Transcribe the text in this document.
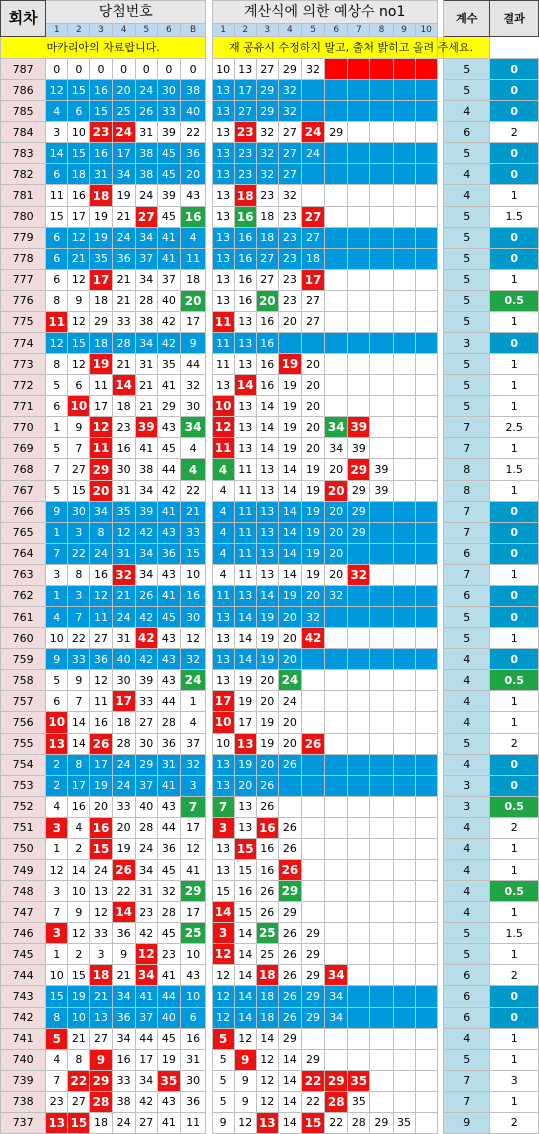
회차	당첨번호								계산식에 의한 예상수 no1											계수	결과
	1	2	3	4	5	6	B		1	2	3	4	5	6	7	8	9	10			
마카리아의 자료랍니다.									재 공유시 수정하지 말고, 출처 밝히고 올려 주세요.												
787	0	0	0	0	0	0	0		10	13	27	29	32							5	0
786	12	15	16	20	24	30	38		13	17	29	32								5	0
785	4	6	15	25	26	33	40		13	27	29	32								4	0
784	3	10	23	24	31	39	22		13	23	32	27	24	29						6	2
783	14	15	16	17	38	45	36		13	23	32	27	24							5	0
782	6	18	31	34	38	45	20		13	23	32	27								4	0
781	11	16	18	19	24	39	43		13	18	23	32								4	1
780	15	17	19	21	27	45	16		13	16	18	23	27							5	1.5
779	6	12	19	24	34	41	4		13	16	18	23	27							5	0
778	6	21	35	36	37	41	11		13	16	27	23	18							5	0
777	6	12	17	21	34	37	18		13	16	27	23	17							5	1
776	8	9	18	21	28	40	20		13	16	20	23	27							5	0.5
775	11	12	29	33	38	42	17		11	13	16	20	27							5	1
774	12	15	18	28	34	42	9		11	13	16									3	0
773	8	12	19	21	31	35	44		11	13	16	19	20							5	1
772	5	6	11	14	21	41	32		13	14	16	19	20							5	1
771	6	10	17	18	21	29	30		10	13	14	19	20							5	1
770	1	9	12	23	39	43	34		12	13	14	19	20	34	39					7	2.5
769	5	7	11	16	41	45	4		11	13	14	19	20	34	39					7	1
768	7	27	29	30	38	44	4		4	11	13	14	19	20	29	39				8	1.5
767	5	15	20	31	34	42	22		4	11	13	14	19	20	29	39				8	1
766	9	30	34	35	39	41	21		4	11	13	14	19	20	29					7	0
765	1	3	8	12	42	43	33		4	11	13	14	19	20	29					7	0
764	7	22	24	31	34	36	15		4	11	13	14	19	20						6	0
763	3	8	16	32	34	43	10		4	11	13	14	19	20	32					7	1
762	1	3	12	21	26	41	16		11	13	14	19	20	32						6	0
761	4	7	11	24	42	45	30		13	14	19	20	32							5	0
760	10	22	27	31	42	43	12		13	14	19	20	42							5	1
759	9	33	36	40	42	43	32		13	14	19	20								4	0
758	5	9	12	30	39	43	24		13	19	20	24								4	0.5
757	6	7	11	17	33	44	1		17	19	20	24								4	1
756	10	14	16	18	27	28	4		10	17	19	20								4	1
755	13	14	26	28	30	36	37		10	13	19	20	26							5	2
754	2	8	17	24	29	31	32		13	19	20	26								4	0
753	2	17	19	24	37	41	3		13	20	26									3	0
752	4	16	20	33	40	43	7		7	13	26									3	0.5
751	3	4	16	20	28	44	17		3	13	16	26								4	2
750	1	2	15	19	24	36	12		13	15	16	26								4	1
749	12	14	24	26	34	45	41		13	15	16	26								4	1
748	3	10	13	22	31	32	29		15	16	26	29								4	0.5
747	7	9	12	14	23	28	17		14	15	26	29								4	1
746	3	12	33	36	42	45	25		3	14	25	26	29							5	1.5
745	1	2	3	9	12	23	10		12	14	25	26	29							5	1
744	10	15	18	21	34	41	43		12	14	18	26	29	34						6	2
743	15	19	21	34	41	44	10		12	14	18	26	29	34						6	0
742	8	10	13	36	37	40	6		12	14	18	26	29	34						6	0
741	5	21	27	34	44	45	16		5	12	14	29								4	1
740	4	8	9	16	17	19	31		5	9	12	14	29							5	1
739	7	22	29	33	34	35	30		5	9	12	14	22	29	35					7	3
738	23	27	28	38	42	43	36		5	9	12	14	22	28	35					7	1
737	13	15	18	24	27	41	11		9	12	13	14	15	22	28	29	35			9	2
